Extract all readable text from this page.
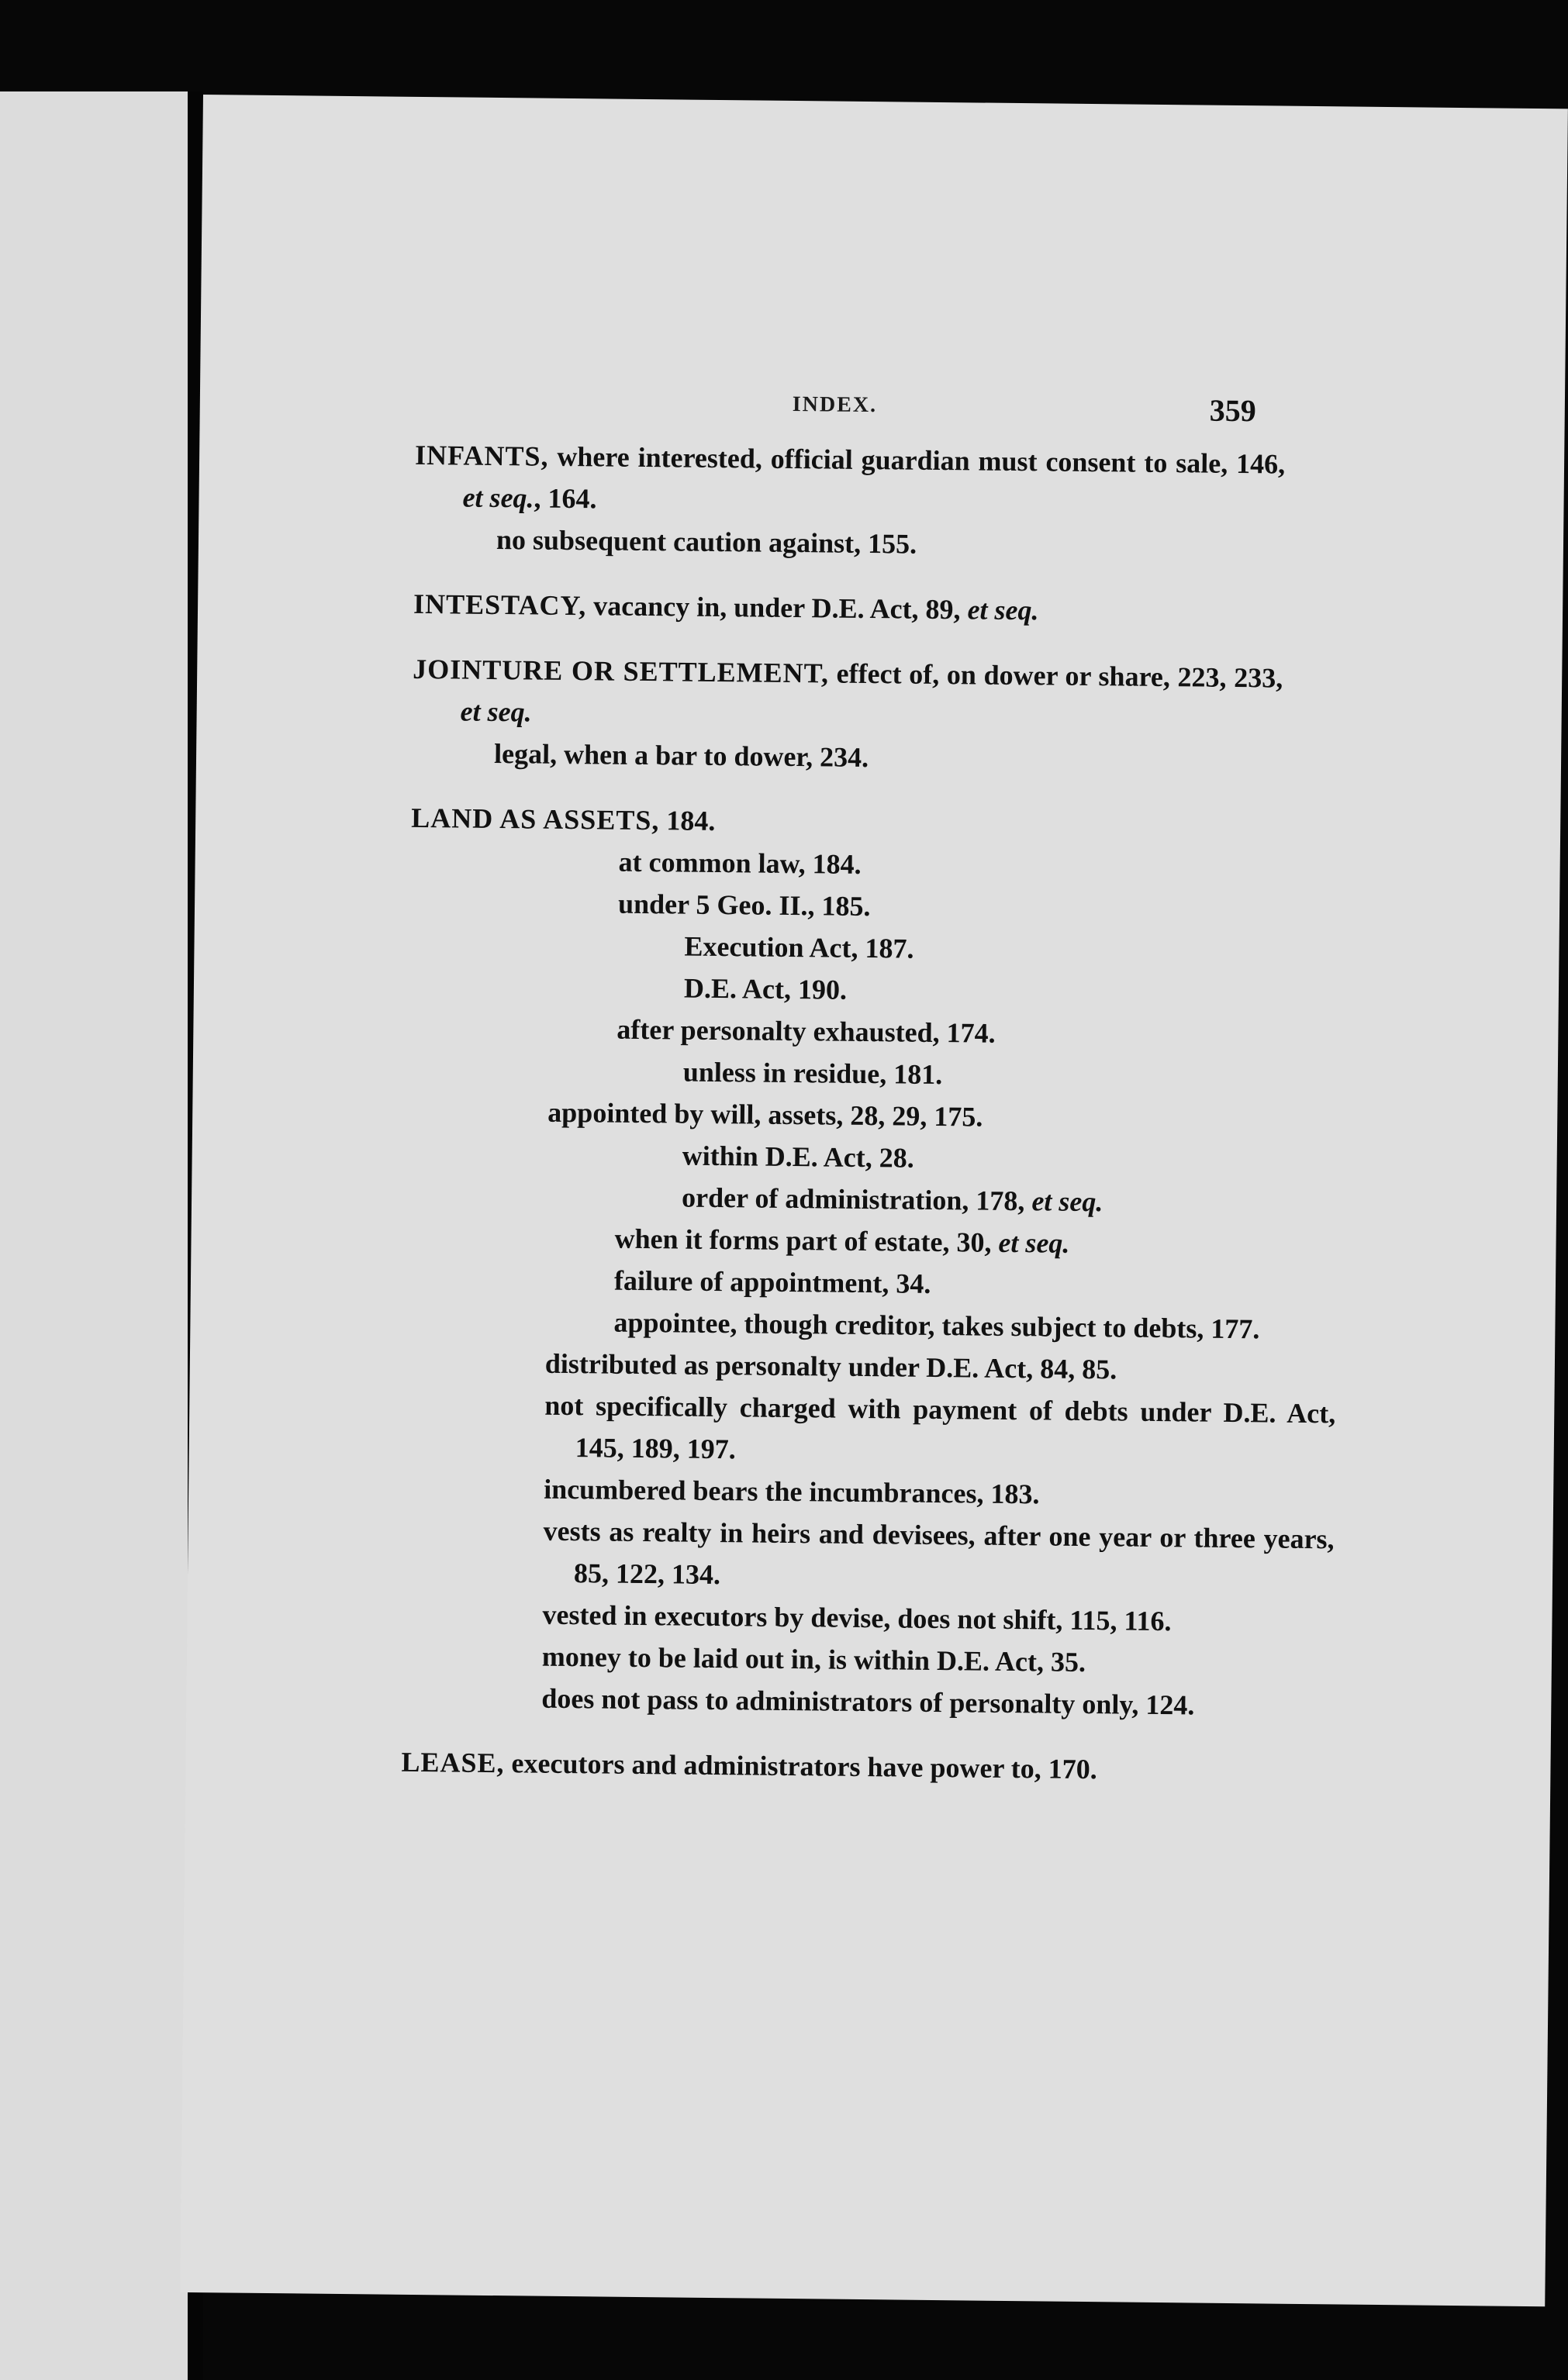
INDEX.	359
INFANTS, where interested, official guardian must consent to sale, 146, et seq., 164.
no subsequent caution against, 155.
INTESTACY, vacancy in, under D.E. Act, 89, et seq.
JOINTURE OR SETTLEMENT, effect of, on dower or share, 223, 233, et seq.
legal, when a bar to dower, 234.
LAND AS ASSETS, 184.
at common law, 184.
under 5 Geo. II., 185.
Execution Act, 187.
D.E. Act, 190.
after personalty exhausted, 174.
unless in residue, 181.
appointed by will, assets, 28, 29, 175.
within D.E. Act, 28.
order of administration, 178, et seq.
when it forms part of estate, 30, et seq.
failure of appointment, 34.
appointee, though creditor, takes subject to debts, 177.
distributed as personalty under D.E. Act, 84, 85.
not specifically charged with payment of debts under D.E. Act, 145, 189, 197.
incumbered bears the incumbrances, 183.
vests as realty in heirs and devisees, after one year or three years, 85, 122, 134.
vested in executors by devise, does not shift, 115, 116.
money to be laid out in, is within D.E. Act, 35.
does not pass to administrators of personalty only, 124.
LEASE, executors and administrators have power to, 170.
